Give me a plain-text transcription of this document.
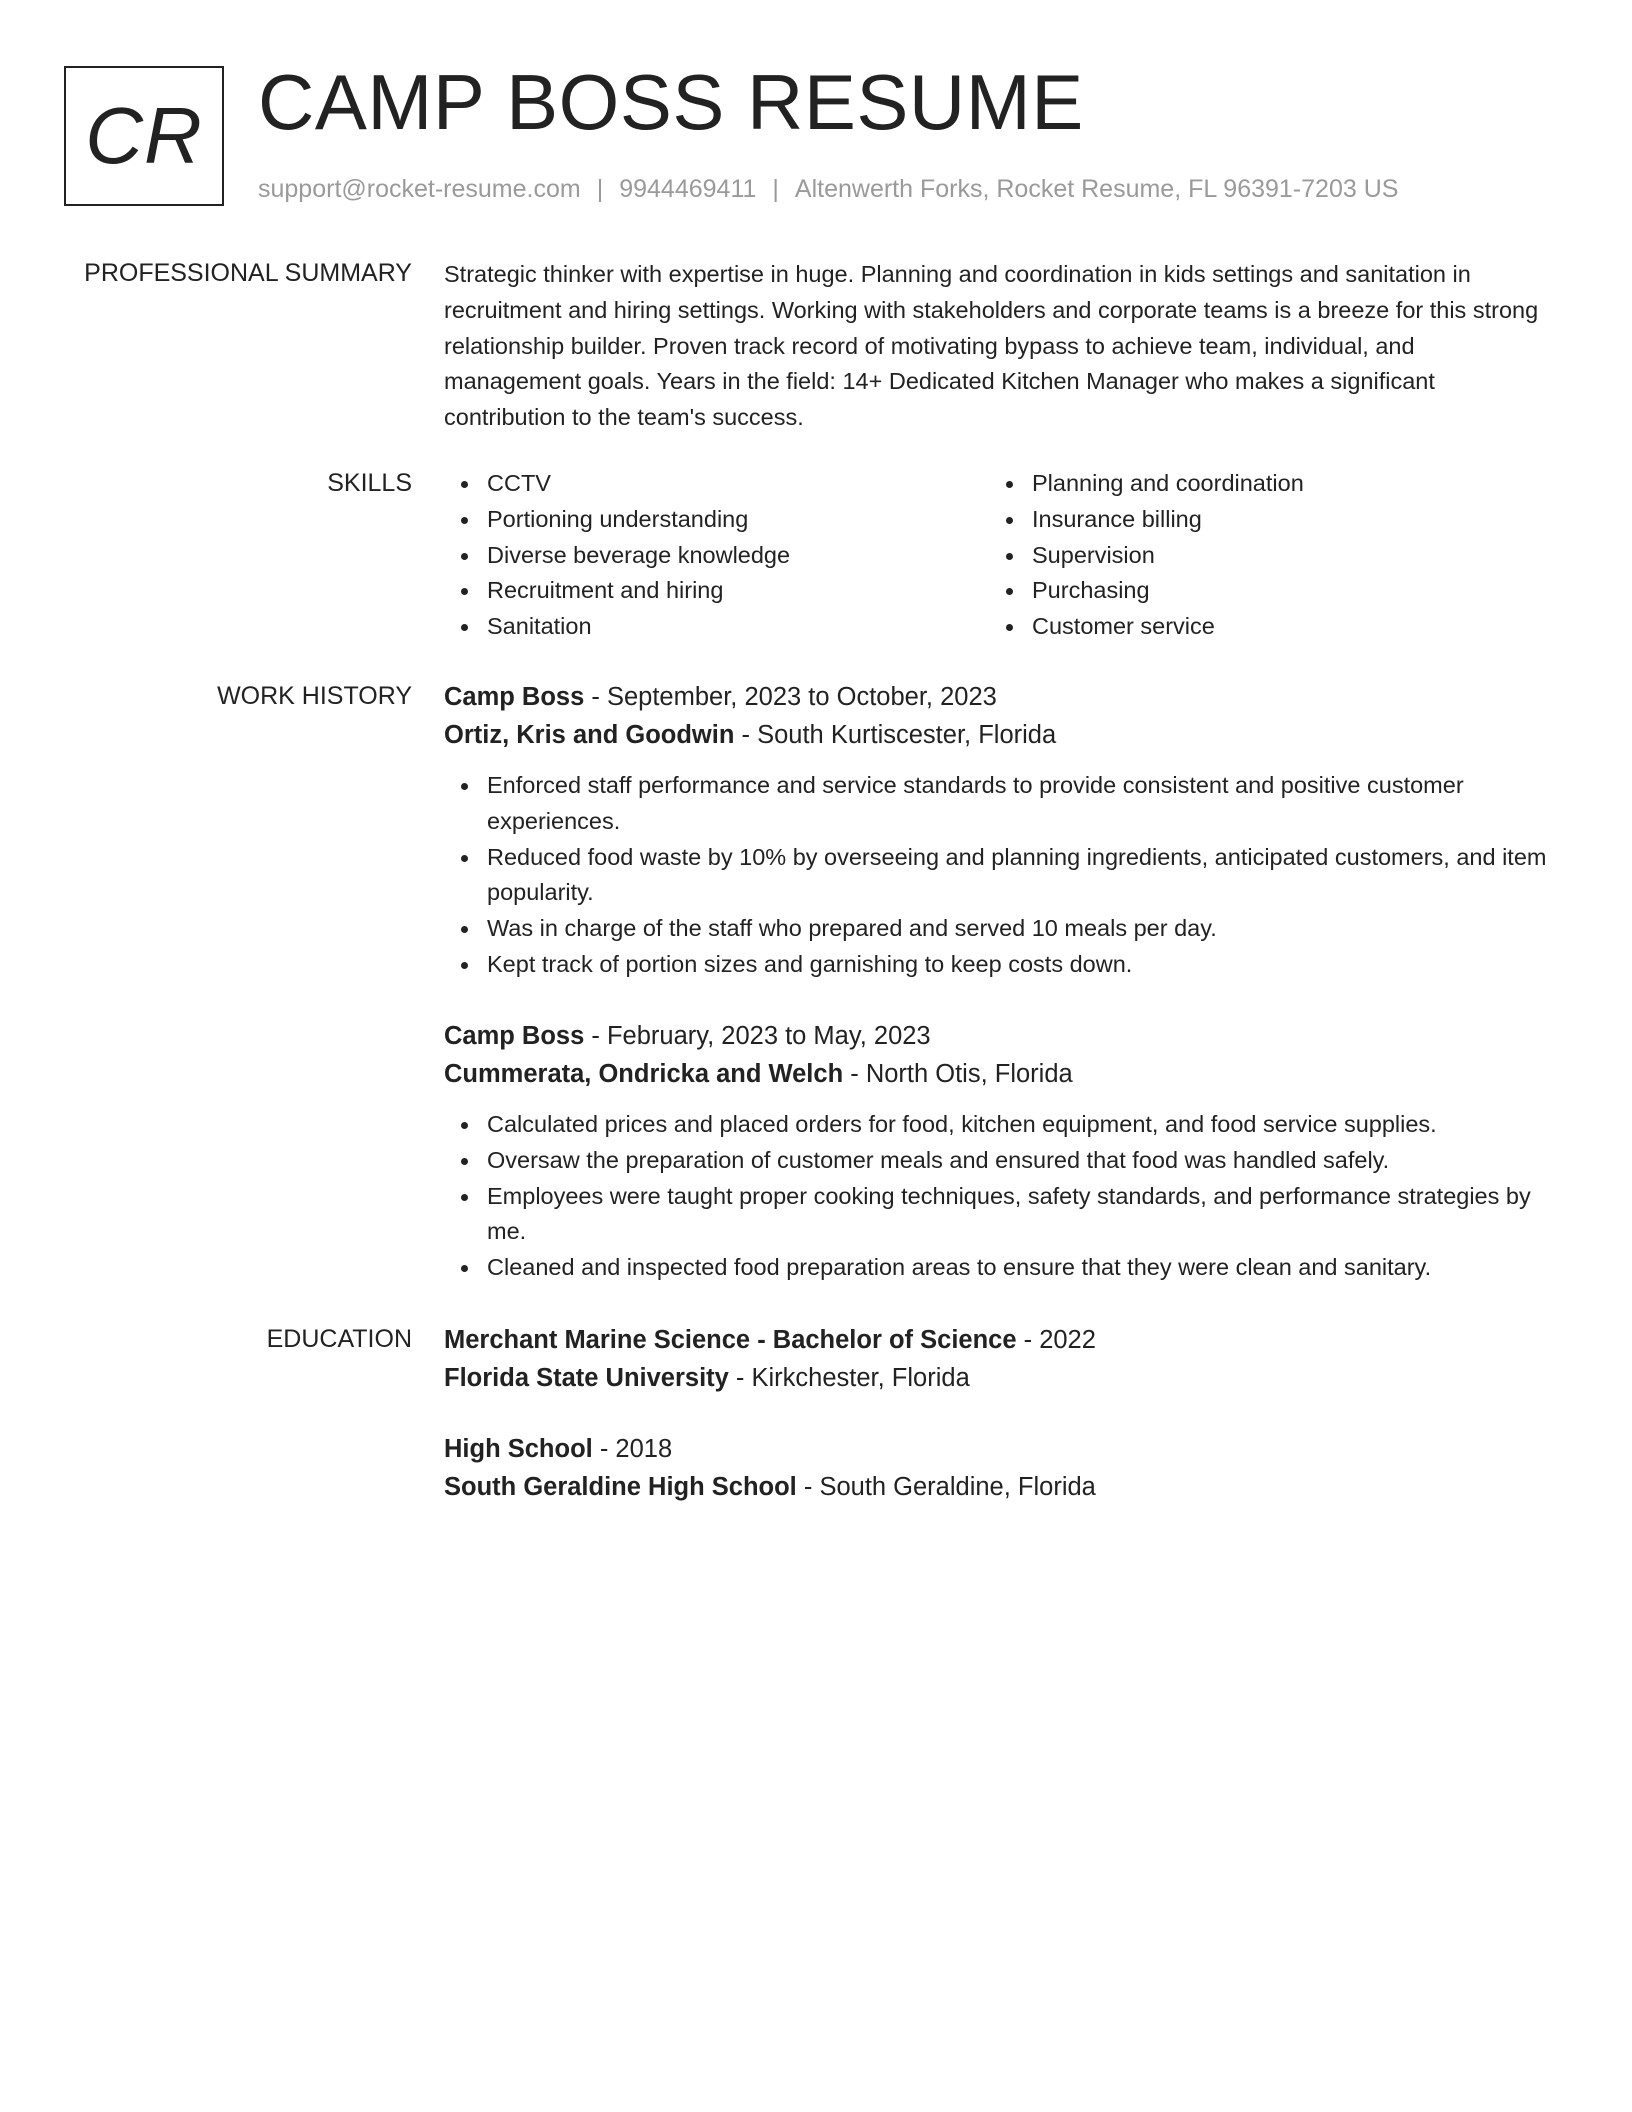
CR CAMP BOSS RESUME
support@rocket-resume.com | 9944469411 | Altenwerth Forks, Rocket Resume, FL 96391-7203 US
PROFESSIONAL SUMMARY Strategic thinker with expertise in huge. Planning and coordination in kids settings and sanitation in recruitment and hiring settings. Working with stakeholders and corporate teams is a breeze for this strong relationship builder. Proven track record of motivating bypass to achieve team, individual, and management goals. Years in the field: 14+ Dedicated Kitchen Manager who makes a significant contribution to the team's success.
SKILLS	CCTV
Portioning understanding
Diverse beverage knowledge
Recruitment and hiring
Sanitation
Planning and coordination
Insurance billing
Supervision
Purchasing
Customer service
WORK HISTORY Camp Boss - September, 2023 to October, 2023
Ortiz, Kris and Goodwin - South Kurtiscester, Florida
Enforced staff performance and service standards to provide consistent and positive customer experiences.
Reduced food waste by 10% by overseeing and planning ingredients, anticipated customers, and item popularity.
Was in charge of the staff who prepared and served 10 meals per day.
Kept track of portion sizes and garnishing to keep costs down.
Camp Boss - February, 2023 to May, 2023
Cummerata, Ondricka and Welch - North Otis, Florida
Calculated prices and placed orders for food, kitchen equipment, and food service supplies.
Oversaw the preparation of customer meals and ensured that food was handled safely.
Employees were taught proper cooking techniques, safety standards, and performance strategies by me.
Cleaned and inspected food preparation areas to ensure that they were clean and sanitary.
EDUCATION Merchant Marine Science - Bachelor of Science - 2022
Florida State University - Kirkchester, Florida
High School - 2018
South Geraldine High School - South Geraldine, Florida
